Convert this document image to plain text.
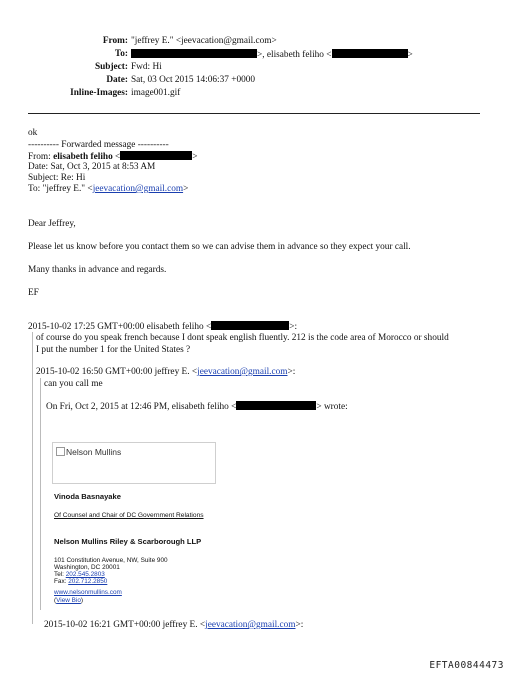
From: "jeffrey E." <jeevacation@gmail.com>
To:	>, elisabeth feliho <	>
Subject: Fwd: Hi
Date: Sat, 03 Oct 2015 14:06:37 +0000
Inline-Images: image001.gif
ok
---------- Forwarded message ----------
From: elisabeth feliho <	>
Date: Sat, Oct 3, 2015 at 8:53 AM
Subject: Re: Hi
To: "jeffrey E." <jeevacation@gmail.com>
Dear Jeffrey,
Please let us know before you contact them so we can advise them in advance so they expect your call.
Many thanks in advance and regards.
EF
2015-10-02 17:25 GMT+00:00 elisabeth feliho <	>:
of course do you speak french because I dont speak english fluently. 212 is the code area of Morocco or should
I put the number 1 for the United States ?
2015-10-02 16:50 GMT+00:00 jeffrey E. <jeevacation@gmail.com>:
can you call me
On Fri, Oct 2, 2015 at 12:46 PM, elisabeth feliho <	> wrote:
Nelson Mullins
Vinoda Basnayake
Of Counsel and Chair of DC Government Relations
Nelson Mullins Riley & Scarborough LLP
101 Constitution Avenue, NW, Suite 900
Washington, DC 20001
Tel: 202.545.2803
Fax: 202.712.2850
www.nelsonmullins.com
(View Bio)
2015-10-02 16:21 GMT+00:00 jeffrey E. <jeevacation@gmail.com>:
EFTA00844473
